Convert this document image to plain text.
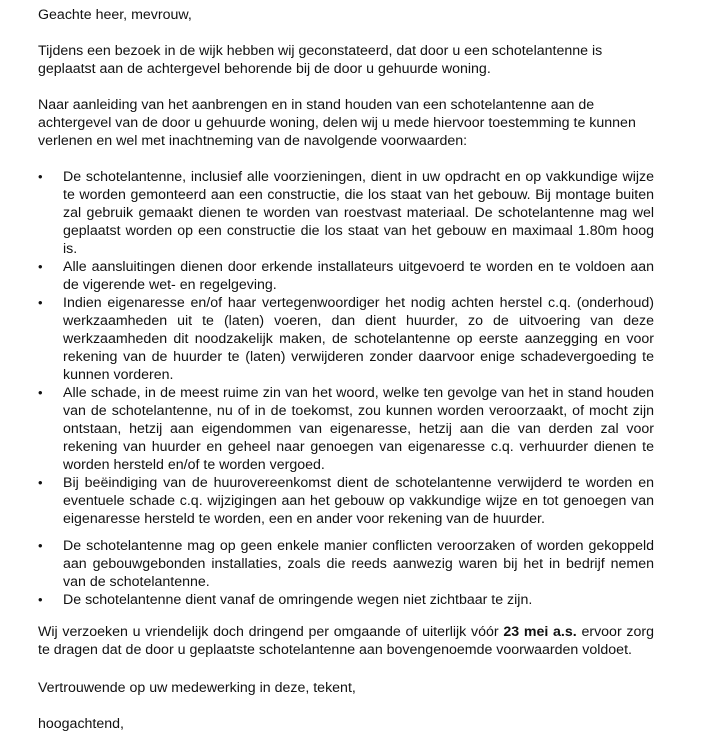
Geachte heer, mevrouw,

Tijdens een bezoek in de wijk hebben wij geconstateerd, dat door u een schotelantenne is geplaatst aan de achtergevel behorende bij de door u gehuurde woning.

Naar aanleiding van het aanbrengen en in stand houden van een schotelantenne aan de achtergevel van de door u gehuurde woning, delen wij u mede hiervoor toestemming te kunnen verlenen en wel met inachtneming van de navolgende voorwaarden:

•	De schotelantenne, inclusief alle voorzieningen, dient in uw opdracht en op vakkundige wijze te worden gemonteerd aan een constructie, die los staat van het gebouw. Bij montage buiten zal gebruik gemaakt dienen te worden van roestvast materiaal. De schotelantenne mag wel geplaatst worden op een constructie die los staat van het gebouw en maximaal 1.80m hoog is.
•	Alle aansluitingen dienen door erkende installateurs uitgevoerd te worden en te voldoen aan de vigerende wet- en regelgeving.
•	Indien eigenaresse en/of haar vertegenwoordiger het nodig achten herstel c.q. (onderhoud) werkzaamheden uit te (laten) voeren, dan dient huurder, zo de uitvoering van deze werkzaamheden dit noodzakelijk maken, de schotelantenne op eerste aanzegging en voor rekening van de huurder te (laten) verwijderen zonder daarvoor enige schadevergoeding te kunnen vorderen.
•	Alle schade, in de meest ruime zin van het woord, welke ten gevolge van het in stand houden van de schotelantenne, nu of in de toekomst, zou kunnen worden veroorzaakt, of mocht zijn ontstaan, hetzij aan eigendommen van eigenaresse, hetzij aan die van derden zal voor rekening van huurder en geheel naar genoegen van eigenaresse c.q. verhuurder dienen te worden hersteld en/of te worden vergoed.
•	Bij beëindiging van de huurovereenkomst dient de schotelantenne verwijderd te worden en eventuele schade c.q. wijzigingen aan het gebouw op vakkundige wijze en tot genoegen van eigenaresse hersteld te worden, een en ander voor rekening van de huurder.
•	De schotelantenne mag op geen enkele manier conflicten veroorzaken of worden gekoppeld aan gebouwgebonden installaties, zoals die reeds aanwezig waren bij het in bedrijf nemen van de schotelantenne.
•	De schotelantenne dient vanaf de omringende wegen niet zichtbaar te zijn.

Wij verzoeken u vriendelijk doch dringend per omgaande of uiterlijk vóór 23 mei a.s. ervoor zorg te dragen dat de door u geplaatste schotelantenne aan bovengenoemde voorwaarden voldoet.

Vertrouwende op uw medewerking in deze, tekent,

hoogachtend,
